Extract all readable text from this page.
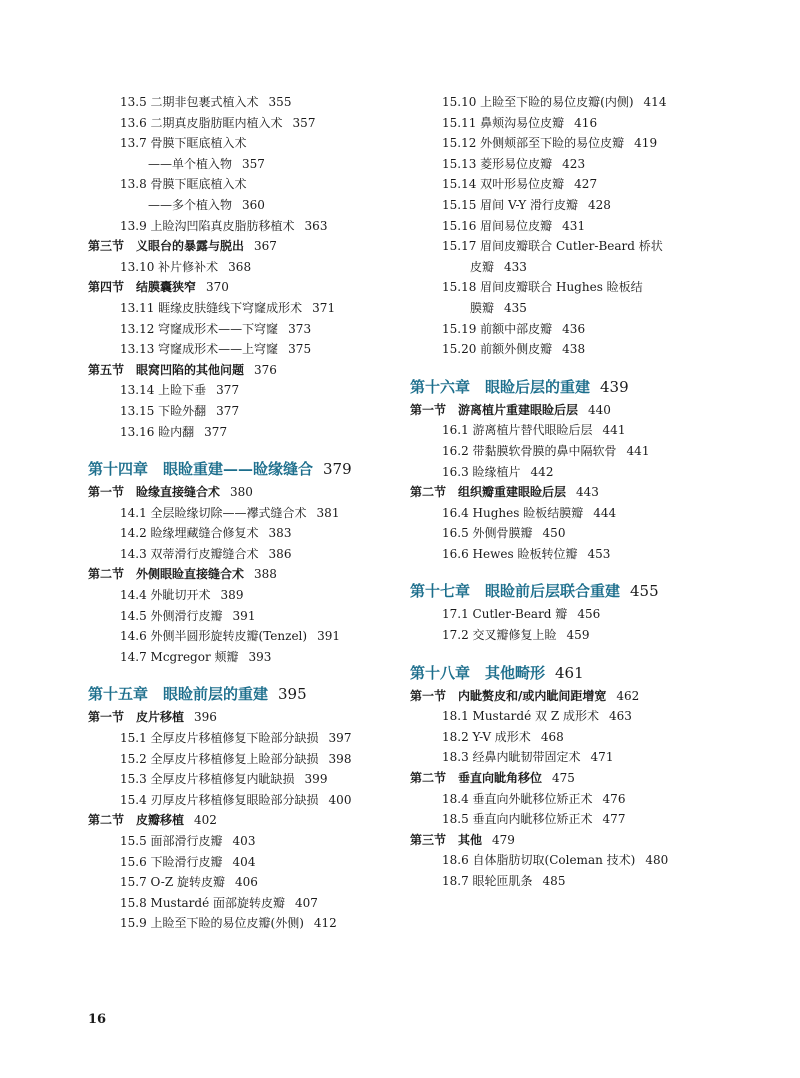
13.5 二期非包裹式植入术 355
13.6 二期真皮脂肪眶内植入术 357
13.7 骨膜下眶底植入术
——单个植入物 357
13.8 骨膜下眶底植入术
——多个植入物 360
13.9 上睑沟凹陷真皮脂肪移植术 363
第三节　义眼台的暴露与脱出 367
13.10 补片修补术 368
第四节　结膜囊狭窄 370
13.11 睚缘皮肤缝线下穹窿成形术 371
13.12 穹窿成形术——下穹窿 373
13.13 穹窿成形术——上穹窿 375
第五节　眼窝凹陷的其他问题 376
13.14 上睑下垂 377
13.15 下睑外翻 377
13.16 睑内翻 377
第十四章　眼睑重建——睑缘缝合 379
第一节　睑缘直接缝合术 380
14.1 全层睑缘切除——襻式缝合术 381
14.2 睑缘埋藏缝合修复术 383
14.3 双蒂滑行皮瓣缝合术 386
第二节　外侧眼睑直接缝合术 388
14.4 外眦切开术 389
14.5 外侧滑行皮瓣 391
14.6 外侧半圆形旋转皮瓣(Tenzel) 391
14.7 Mcgregor 颊瓣 393
第十五章　眼睑前层的重建 395
第一节　皮片移植 396
15.1 全厚皮片移植修复下睑部分缺损 397
15.2 全厚皮片移植修复上睑部分缺损 398
15.3 全厚皮片移植修复内眦缺损 399
15.4 刃厚皮片移植修复眼睑部分缺损 400
第二节　皮瓣移植 402
15.5 面部滑行皮瓣 403
15.6 下睑滑行皮瓣 404
15.7 O-Z 旋转皮瓣 406
15.8 Mustardé 面部旋转皮瓣 407
15.9 上睑至下睑的易位皮瓣(外侧) 412
15.10 上睑至下睑的易位皮瓣(内侧) 414
15.11 鼻颊沟易位皮瓣 416
15.12 外侧颊部至下睑的易位皮瓣 419
15.13 菱形易位皮瓣 423
15.14 双叶形易位皮瓣 427
15.15 眉间 V-Y 滑行皮瓣 428
15.16 眉间易位皮瓣 431
15.17 眉间皮瓣联合 Cutler-Beard 桥状
皮瓣 433
15.18 眉间皮瓣联合 Hughes 睑板结
膜瓣 435
15.19 前额中部皮瓣 436
15.20 前额外侧皮瓣 438
第十六章　眼睑后层的重建 439
第一节　游离植片重建眼睑后层 440
16.1 游离植片替代眼睑后层 441
16.2 带黏膜软骨膜的鼻中隔软骨 441
16.3 睑缘植片 442
第二节　组织瓣重建眼睑后层 443
16.4 Hughes 睑板结膜瓣 444
16.5 外侧骨膜瓣 450
16.6 Hewes 睑板转位瓣 453
第十七章　眼睑前后层联合重建 455
17.1 Cutler-Beard 瓣 456
17.2 交叉瓣修复上睑 459
第十八章　其他畸形 461
第一节　内眦赘皮和/或内眦间距增宽 462
18.1 Mustardé 双 Z 成形术 463
18.2 Y-V 成形术 468
18.3 经鼻内眦韧带固定术 471
第二节　垂直向眦角移位 475
18.4 垂直向外眦移位矫正术 476
18.5 垂直向内眦移位矫正术 477
第三节　其他 479
18.6 自体脂肪切取(Coleman 技术) 480
18.7 眼轮匝肌条 485
16
